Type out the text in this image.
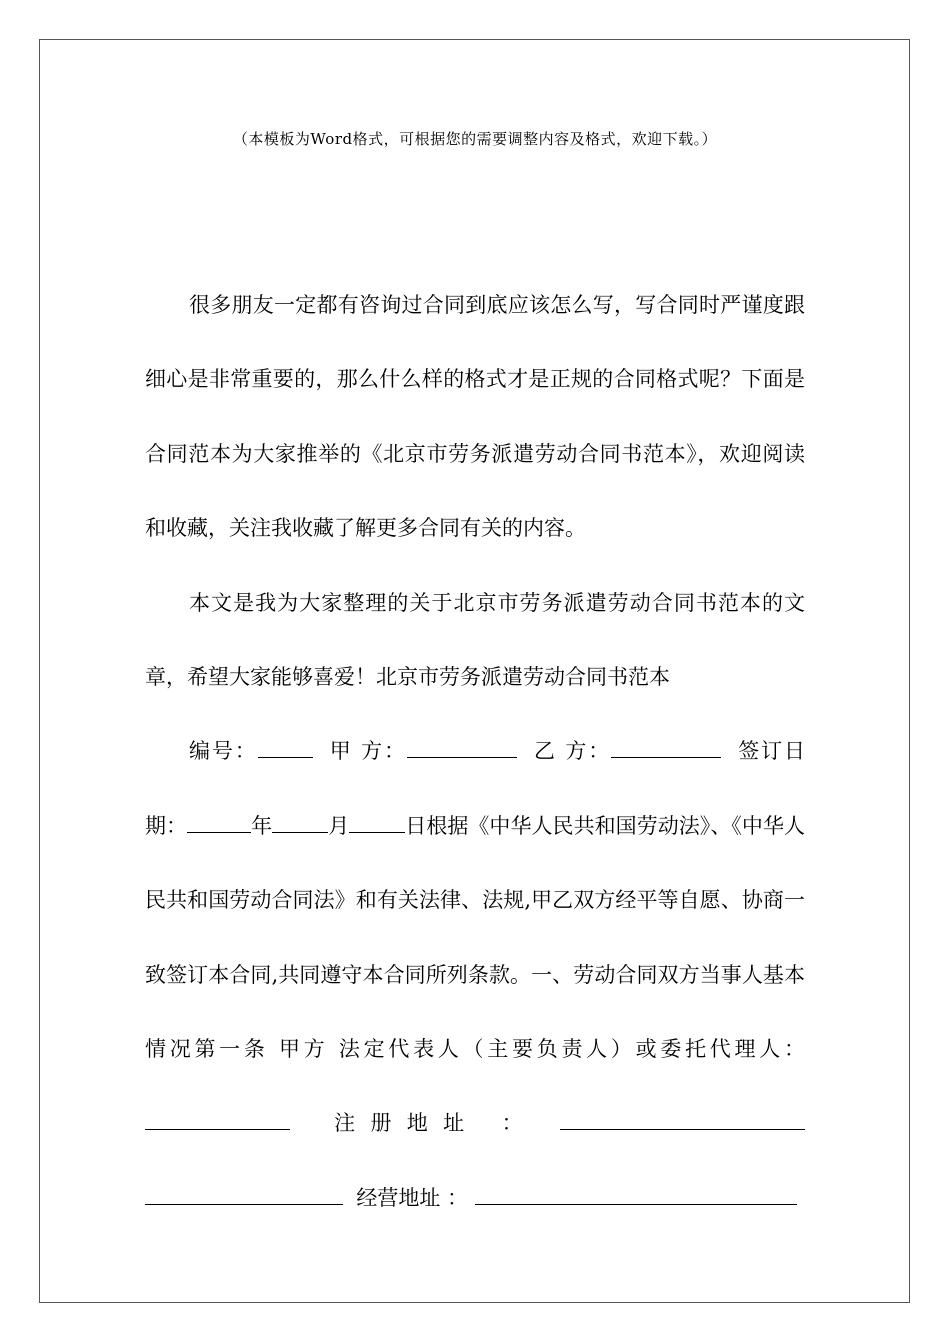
（本模板为Word格式，可根据您的需要调整内容及格式，欢迎下载。）

很多朋友一定都有咨询过合同到底应该怎么写，写合同时严谨度跟细心是非常重要的，那么什么样的格式才是正规的合同格式呢？下面是合同范本为大家推举的《北京市劳务派遣劳动合同书范本》，欢迎阅读和收藏，关注我收藏了解更多合同有关的内容。

本文是我为大家整理的关于北京市劳务派遣劳动合同书范本的文章，希望大家能够喜爱！北京市劳务派遣劳动合同书范本

编号：	甲 方：	乙 方：	签订日期：	年	月	日根据《中华人民共和国劳动法》、《中华人民共和国劳动合同法》和有关法律、法规,甲乙双方经平等自愿、协商一致签订本合同,共同遵守本合同所列条款。一、劳动合同双方当事人基本情况第一条 甲方 法定代表人（主要负责人）或委托代理人：  注册地址 ：   经营地址 ：
